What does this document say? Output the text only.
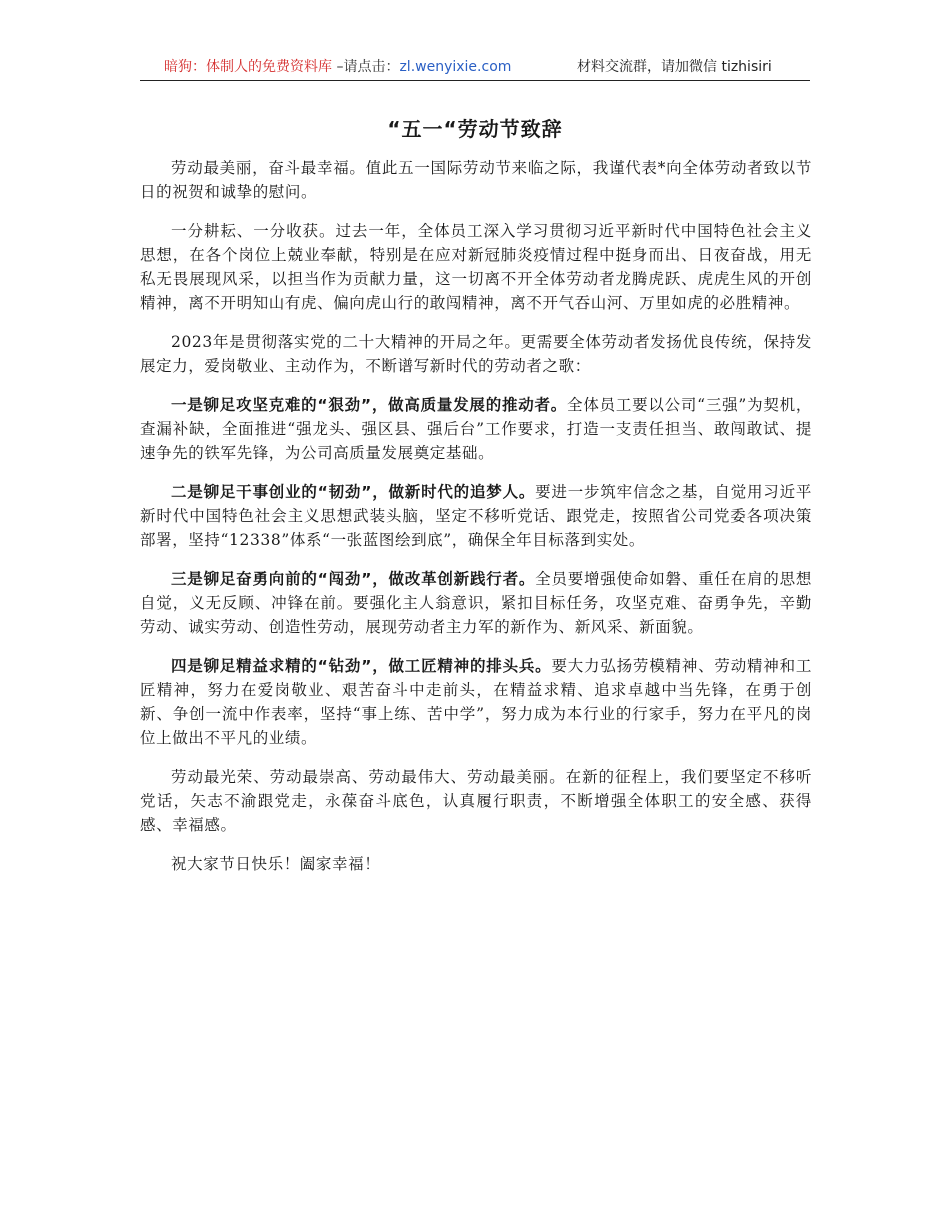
暗狗：体制人的免费资料库 –请点击：zl.wenyixie.com	材料交流群，请加微信 tizhisiri
“五一“劳动节致辞

劳动最美丽，奋斗最幸福。值此五一国际劳动节来临之际，我谨代表*向全体劳动者致以节日的祝贺和诚挚的慰问。

一分耕耘、一分收获。过去一年，全体员工深入学习贯彻习近平新时代中国特色社会主义思想，在各个岗位上兢业奉献，特别是在应对新冠肺炎疫情过程中挺身而出、日夜奋战，用无私无畏展现风采，以担当作为贡献力量，这一切离不开全体劳动者龙腾虎跃、虎虎生风的开创精神，离不开明知山有虎、偏向虎山行的敢闯精神，离不开气吞山河、万里如虎的必胜精神。

2023年是贯彻落实党的二十大精神的开局之年。更需要全体劳动者发扬优良传统，保持发展定力，爱岗敬业、主动作为，不断谱写新时代的劳动者之歌：

一是铆足攻坚克难的“狠劲”，做高质量发展的推动者。全体员工要以公司“三强”为契机，查漏补缺，全面推进“强龙头、强区县、强后台”工作要求，打造一支责任担当、敢闯敢试、提速争先的铁军先锋，为公司高质量发展奠定基础。

二是铆足干事创业的“韧劲”，做新时代的追梦人。要进一步筑牢信念之基，自觉用习近平新时代中国特色社会主义思想武装头脑，坚定不移听党话、跟党走，按照省公司党委各项决策部署，坚持“12338”体系“一张蓝图绘到底”，确保全年目标落到实处。

三是铆足奋勇向前的“闯劲”，做改革创新践行者。全员要增强使命如磐、重任在肩的思想自觉，义无反顾、冲锋在前。要强化主人翁意识，紧扣目标任务，攻坚克难、奋勇争先，辛勤劳动、诚实劳动、创造性劳动，展现劳动者主力军的新作为、新风采、新面貌。

四是铆足精益求精的“钻劲”，做工匠精神的排头兵。要大力弘扬劳模精神、劳动精神和工匠精神，努力在爱岗敬业、艰苦奋斗中走前头，在精益求精、追求卓越中当先锋，在勇于创新、争创一流中作表率，坚持“事上练、苦中学”，努力成为本行业的行家手，努力在平凡的岗位上做出不平凡的业绩。

劳动最光荣、劳动最崇高、劳动最伟大、劳动最美丽。在新的征程上，我们要坚定不移听党话，矢志不渝跟党走，永葆奋斗底色，认真履行职责，不断增强全体职工的安全感、获得感、幸福感。

祝大家节日快乐！阖家幸福！
